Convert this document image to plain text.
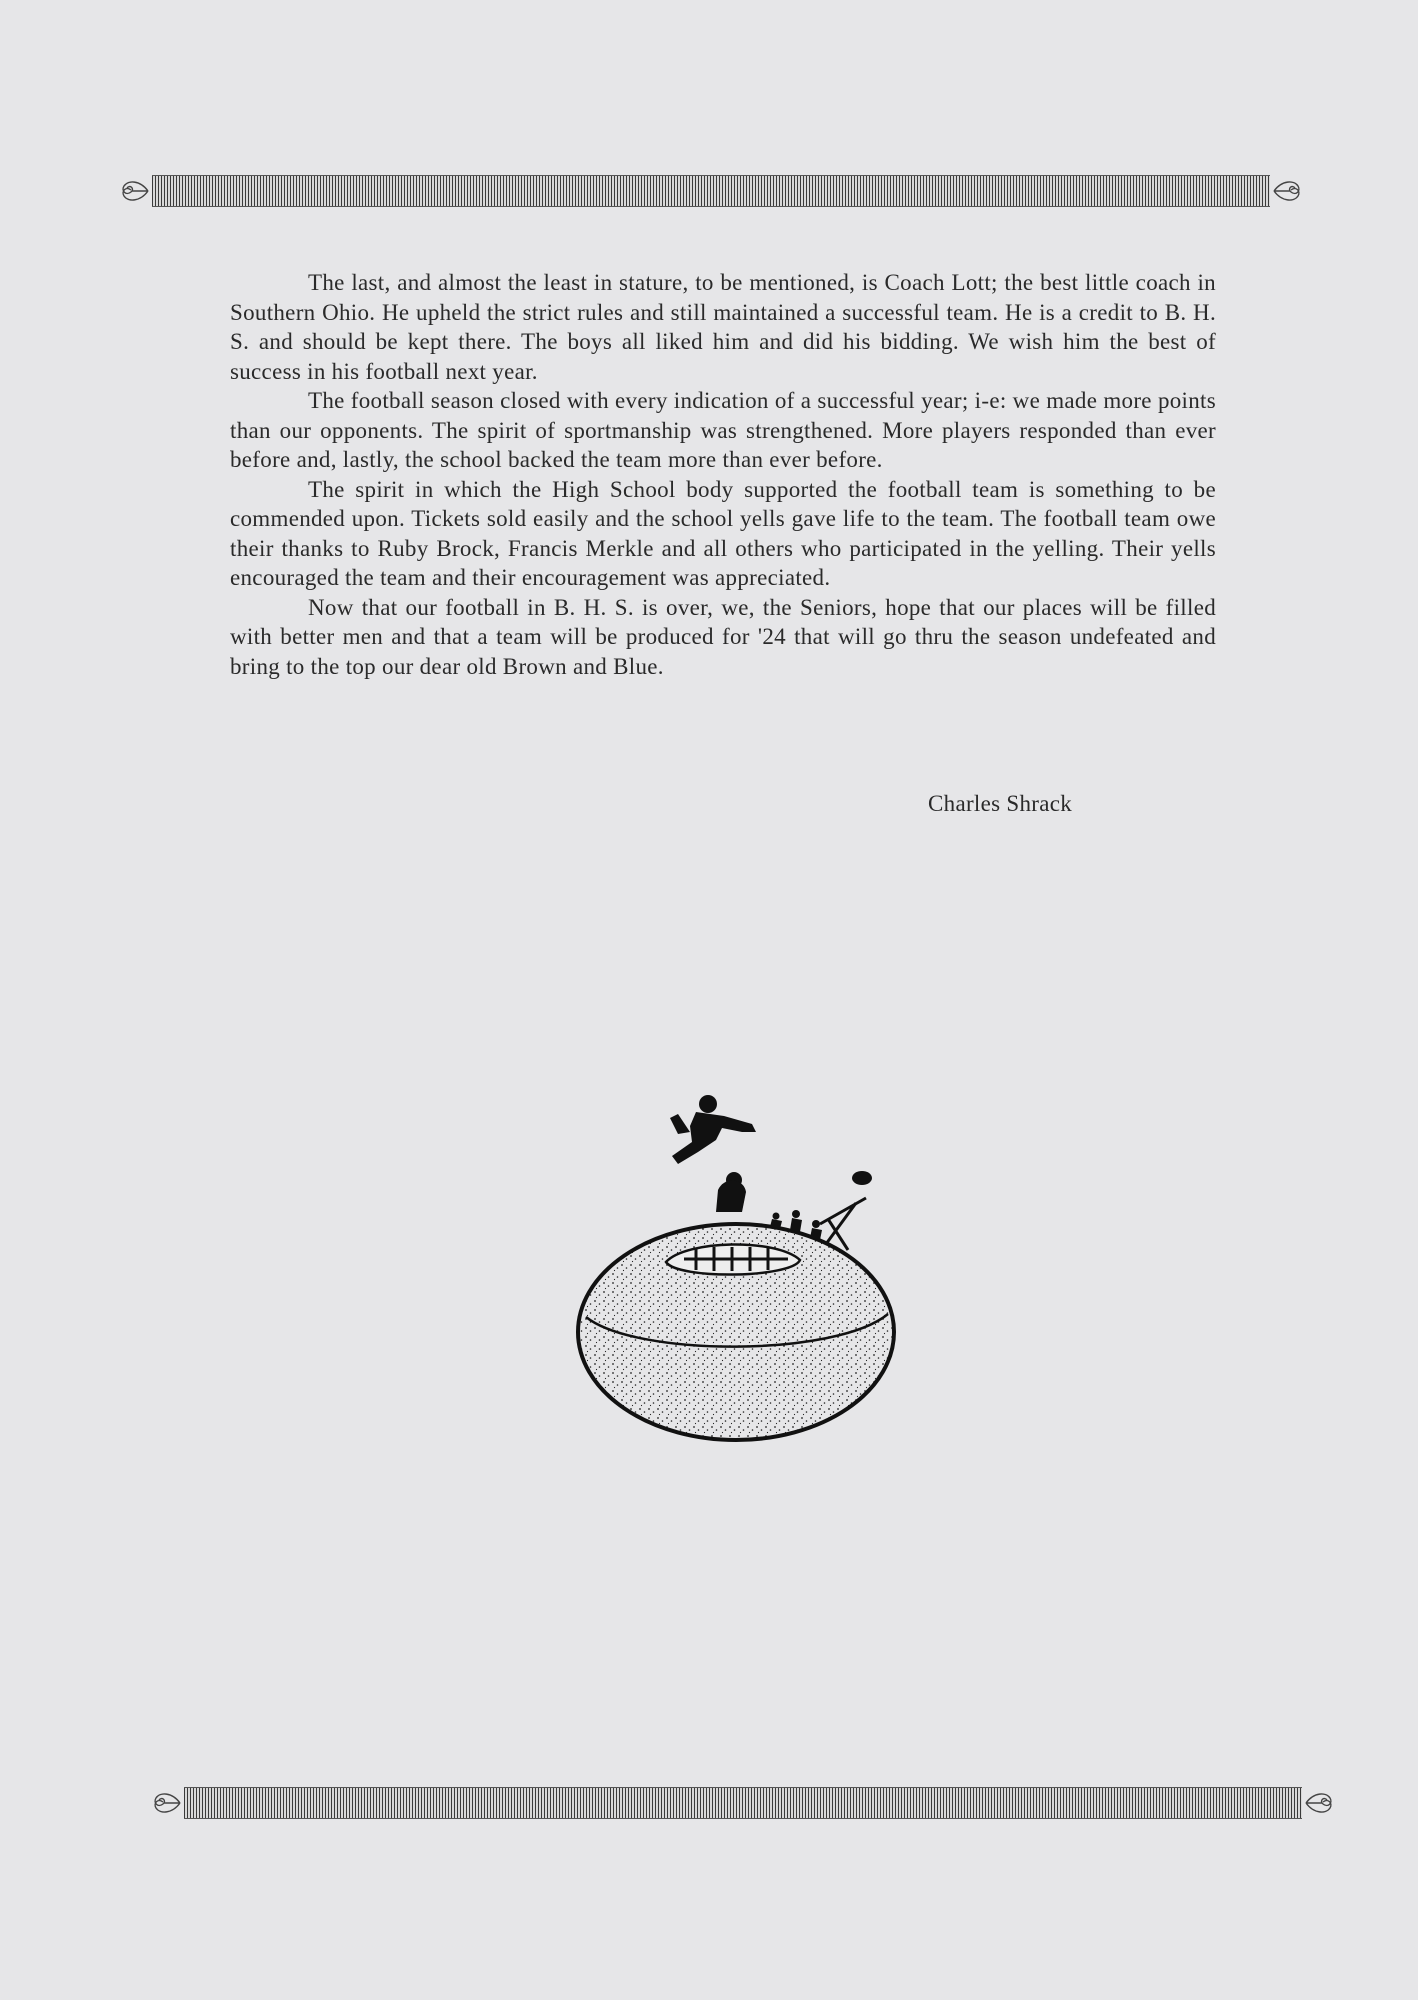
The last, and almost the least in stature, to be mentioned, is Coach Lott; the best little coach in Southern Ohio. He upheld the strict rules and still maintained a successful team. He is a credit to B. H. S. and should be kept there. The boys all liked him and did his bidding. We wish him the best of success in his football next year.

The football season closed with every indication of a successful year; i-e: we made more points than our opponents. The spirit of sportmanship was strengthened. More players responded than ever before and, lastly, the school backed the team more than ever before.

The spirit in which the High School body supported the football team is something to be commended upon. Tickets sold easily and the school yells gave life to the team. The football team owe their thanks to Ruby Brock, Francis Merkle and all others who participated in the yelling. Their yells encouraged the team and their encouragement was appreciated.

Now that our football in B. H. S. is over, we, the Seniors, hope that our places will be filled with better men and that a team will be produced for '24 that will go thru the season undefeated and bring to the top our dear old Brown and Blue.

Charles Shrack
